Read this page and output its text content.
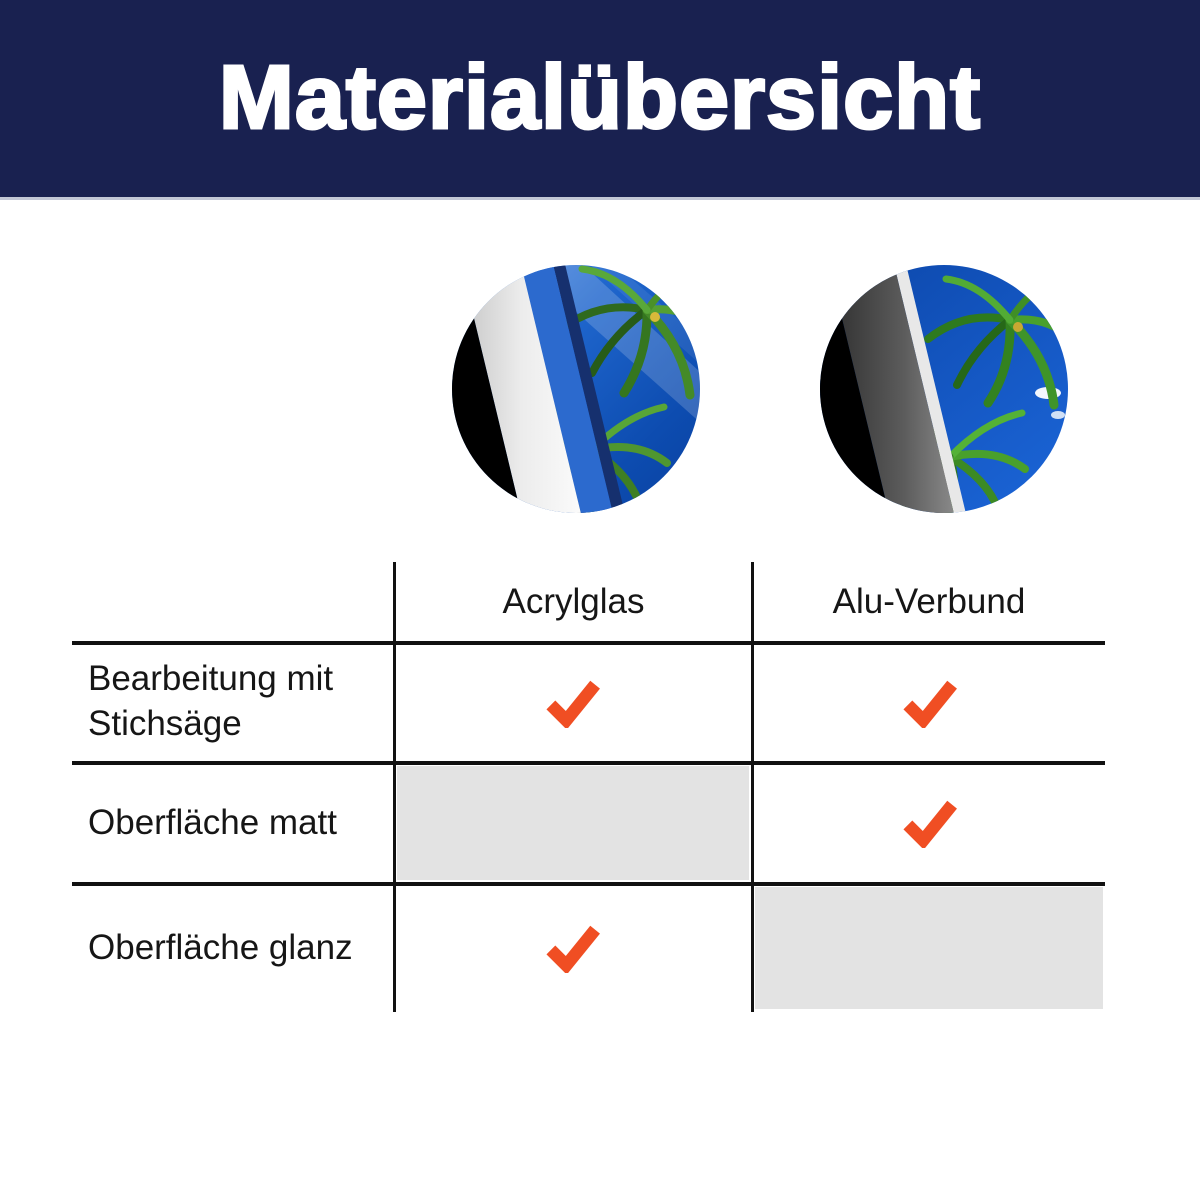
Materialübersicht
Acrylglas	Alu-Verbund
Bearbeitung mit Stichsäge
Oberfläche matt
Oberfläche glanz
